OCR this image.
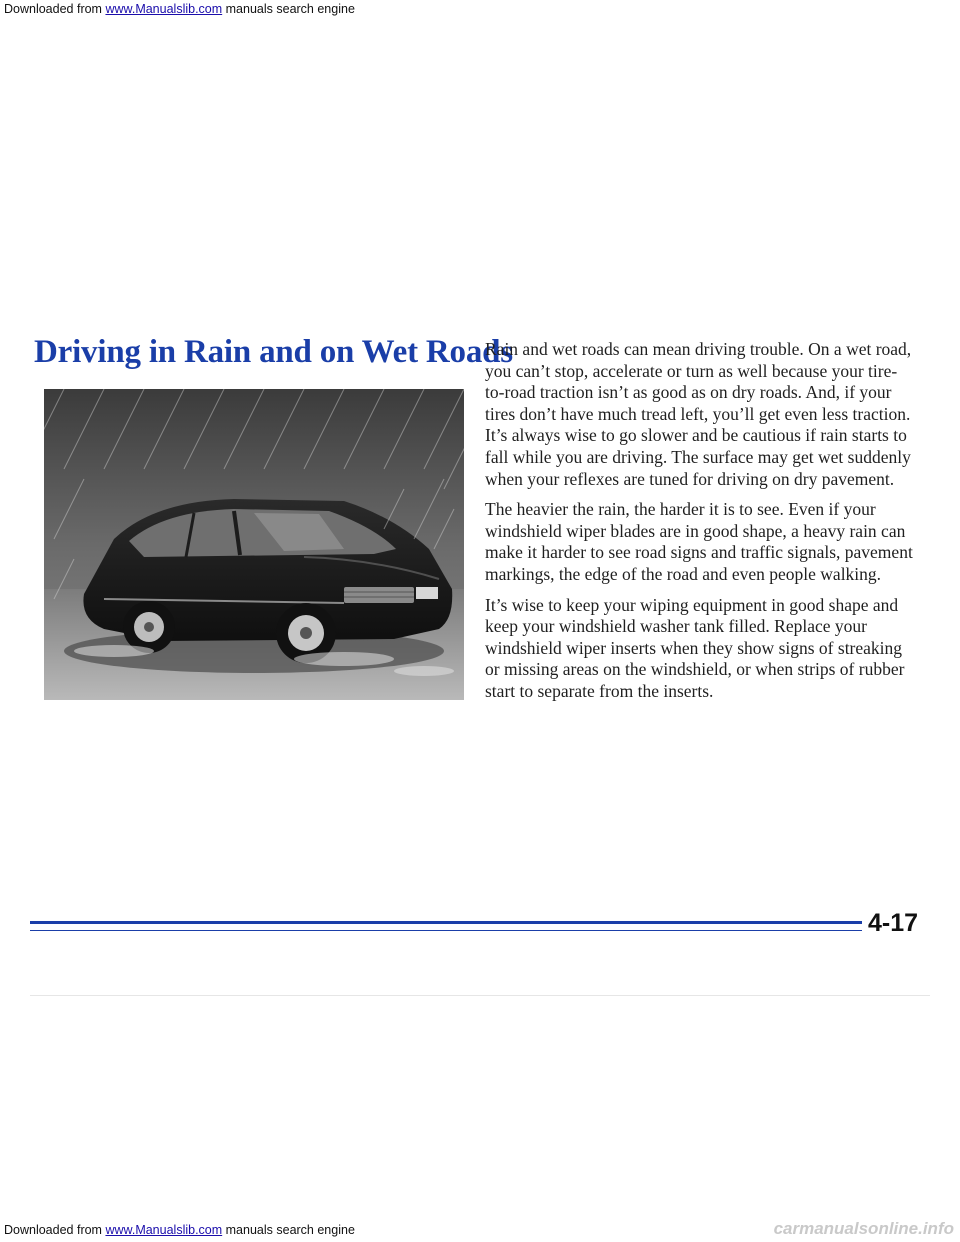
Downloaded from www.Manualslib.com manuals search engine
Driving in Rain and on Wet Roads

Rain and wet roads can mean driving trouble. On a wet road, you can’t stop, accelerate or turn as well because your tire-to-road traction isn’t as good as on dry roads. And, if your tires don’t have much tread left, you’ll get even less traction. It’s always wise to go slower and be cautious if rain starts to fall while you are driving. The surface may get wet suddenly when your reflexes are tuned for driving on dry pavement.

The heavier the rain, the harder it is to see. Even if your windshield wiper blades are in good shape, a heavy rain can make it harder to see road signs and traffic signals, pavement markings, the edge of the road and even people walking.

It’s wise to keep your wiping equipment in good shape and keep your windshield washer tank filled. Replace your windshield wiper inserts when they show signs of streaking or missing areas on the windshield, or when strips of rubber start to separate from the inserts.

4-17
Downloaded from www.Manualslib.com manuals search engine	carmanualsonline.info
